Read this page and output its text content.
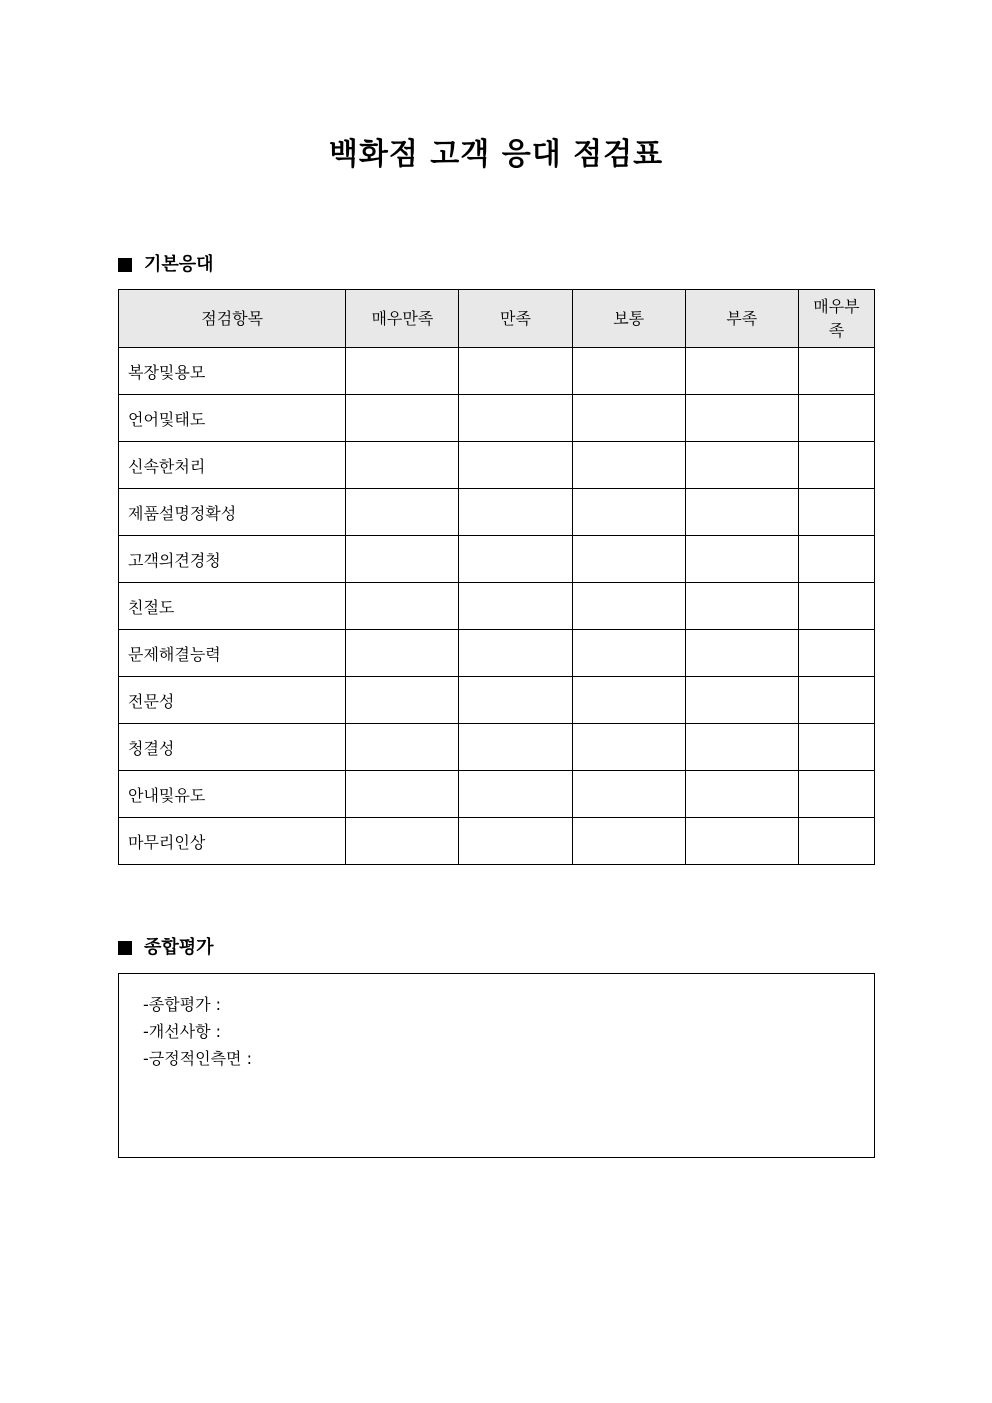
백화점 고객 응대 점검표
기본응대
점검항목	매우만족	만족	보통	부족	매우부족

복장및용모					
언어및태도					
신속한처리					
제품설명정확성					
고객의견경청					
친절도					
문제해결능력					
전문성					
청결성					
안내및유도					
마무리인상					
종합평가
-종합평가 :
-개선사항 :
-긍정적인측면 :
